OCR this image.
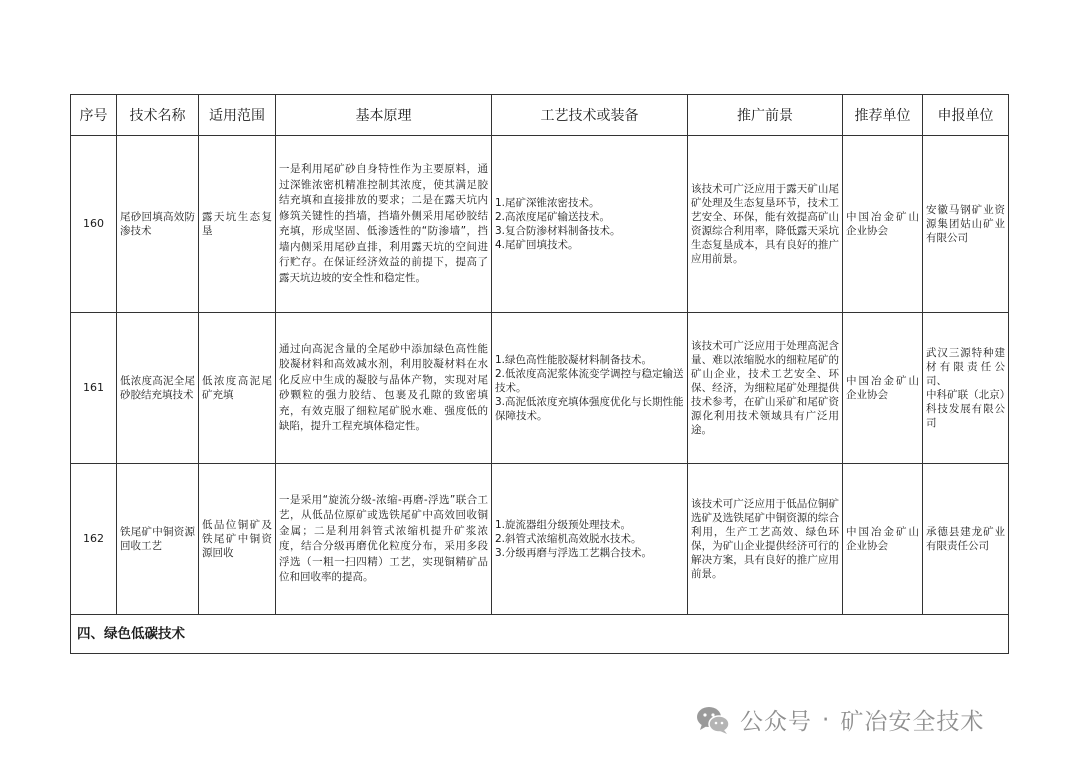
序号	技术名称	适用范围	基本原理	工艺技术或装备	推广前景	推荐单位	申报单位
160	尾砂回填高效防渗技术	露天坑生态复垦	一是利用尾矿砂自身特性作为主要原料，通过深锥浓密机精准控制其浓度，使其满足胶结充填和直接排放的要求；二是在露天坑内修筑关键性的挡墙，挡墙外侧采用尾砂胶结充填，形成坚固、低渗透性的“防渗墙”，挡墙内侧采用尾砂直排，利用露天坑的空间进行贮存。在保证经济效益的前提下，提高了露天坑边坡的安全性和稳定性。	1.尾矿深锥浓密技术。
2.高浓度尾矿输送技术。
3.复合防渗材料制备技术。
4.尾矿回填技术。	该技术可广泛应用于露天矿山尾矿处理及生态复垦环节，技术工艺安全、环保，能有效提高矿山资源综合利用率，降低露天采坑生态复垦成本，具有良好的推广应用前景。	中国冶金矿山企业协会	安徽马钢矿业资源集团姑山矿业有限公司

161	低浓度高泥全尾砂胶结充填技术	低浓度高泥尾矿充填	通过向高泥含量的全尾砂中添加绿色高性能胶凝材料和高效减水剂，利用胶凝材料在水化反应中生成的凝胶与晶体产物，实现对尾砂颗粒的强力胶结、包裹及孔隙的致密填充，有效克服了细粒尾矿脱水难、强度低的缺陷，提升工程充填体稳定性。	1.绿色高性能胶凝材料制备技术。
2.低浓度高泥浆体流变学调控与稳定输送技术。
3.高泥低浓度充填体强度优化与长期性能保障技术。	该技术可广泛应用于处理高泥含量、难以浓缩脱水的细粒尾矿的矿山企业，技术工艺安全、环保、经济，为细粒尾矿处理提供技术参考，在矿山采矿和尾矿资源化利用技术领域具有广泛用途。	中国冶金矿山企业协会	武汉三源特种建材有限责任公司、
中科矿联（北京）科技发展有限公司

162	铁尾矿中铜资源回收工艺	低品位铜矿及铁尾矿中铜资源回收	一是采用“旋流分级-浓缩-再磨-浮选”联合工艺，从低品位原矿或选铁尾矿中高效回收铜金属；二是利用斜管式浓缩机提升矿浆浓度，结合分级再磨优化粒度分布，采用多段浮选（一粗一扫四精）工艺，实现铜精矿品位和回收率的提高。	1.旋流器组分级预处理技术。
2.斜管式浓缩机高效脱水技术。
3.分级再磨与浮选工艺耦合技术。	该技术可广泛应用于低品位铜矿选矿及选铁尾矿中铜资源的综合利用，生产工艺高效、绿色环保，为矿山企业提供经济可行的解决方案，具有良好的推广应用前景。	中国冶金矿山企业协会	承德县建龙矿业有限责任公司

四、绿色低碳技术							
公众号 · 矿冶安全技术
